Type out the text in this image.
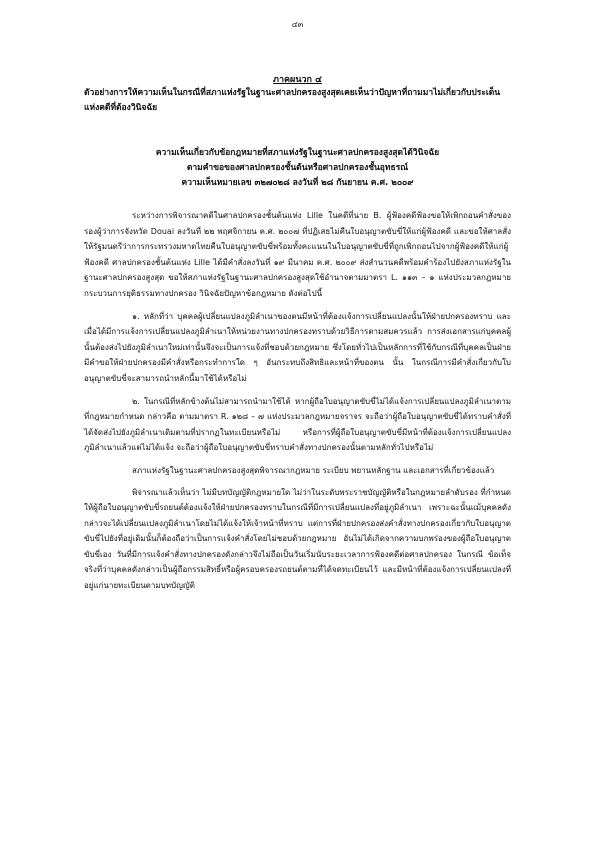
๔๓
ภาคผนวก ๔
ตัวอย่างการให้ความเห็นในกรณีที่สภาแห่งรัฐในฐานะศาลปกครองสูงสุดเคยเห็นว่าปัญหาที่ถามมาไม่เกี่ยวกับประเด็นแห่งคดีที่ต้องวินิจฉัย
ความเห็นเกี่ยวกับข้อกฎหมายที่สภาแห่งรัฐในฐานะศาลปกครองสูงสุดได้วินิจฉัย
ตามคำขอของศาลปกครองชั้นต้นหรือศาลปกครองชั้นอุทธรณ์
ความเห็นหมายเลข ๓๒๗๐๒๘ ลงวันที่ ๒๘ กันยายน ค.ศ. ๒๐๐๙

ระหว่างการพิจารณาคดีในศาลปกครองชั้นต้นแห่ง Lille ในคดีที่นาย B. ผู้ฟ้องคดีฟ้องขอให้เพิกถอนคำสั่งของรองผู้ว่าการจังหวัด Douai ลงวันที่ ๒๒ พฤศจิกายน ค.ศ. ๒๐๐๗ ที่ปฏิเสธไม่คืนใบอนุญาตขับขี่ให้แก่ผู้ฟ้องคดี และขอให้ศาลสั่งให้รัฐมนตรีว่าการกระทรวงมหาดไทยคืนใบอนุญาตขับขี่พร้อมทั้งคะแนนในใบอนุญาตขับขี่ที่ถูกเพิกถอนไปจากผู้ฟ้องคดีให้แก่ผู้ฟ้องคดี ศาลปกครองชั้นต้นแห่ง Lille ได้มีคำสั่งลงวันที่ ๑๙ มีนาคม ค.ศ. ๒๐๐๙ ส่งสำนวนคดีพร้อมคำร้องไปยังสภาแห่งรัฐในฐานะศาลปกครองสูงสุด ขอให้สภาแห่งรัฐในฐานะศาลปกครองสูงสุดใช้อำนาจตามมาตรา L. ๑๑๓ – ๑ แห่งประมวลกฎหมายกระบวนการยุติธรรมทางปกครอง วินิจฉัยปัญหาข้อกฎหมาย ดังต่อไปนี้

๑. หลักที่ว่า บุคคลผู้เปลี่ยนแปลงภูมิลำเนาของตนมีหน้าที่ต้องแจ้งการเปลี่ยนแปลงนั้นให้ฝ่ายปกครองทราบ และเมื่อได้มีการแจ้งการเปลี่ยนแปลงภูมิลำเนาให้หน่วยงานทางปกครองทราบด้วยวิธีการตามสมควรแล้ว การส่งเอกสารแก่บุคคลผู้นั้นต้องส่งไปยังภูมิลำเนาใหม่เท่านั้นจึงจะเป็นการแจ้งที่ชอบด้วยกฎหมาย ซึ่งโดยทั่วไปเป็นหลักการที่ใช้กับกรณีที่บุคคลเป็นฝ่ายมีคำขอให้ฝ่ายปกครองมีคำสั่งหรือกระทำการใด ๆ อันกระทบถึงสิทธิและหน้าที่ของตน นั้น ในกรณีการมีคำสั่งเกี่ยวกับใบอนุญาตขับขี่จะสามารถนำหลักนี้มาใช้ได้หรือไม่

๒. ในกรณีที่หลักข้างต้นไม่สามารถนำมาใช้ได้ หากผู้ถือใบอนุญาตขับขี่ไม่ได้แจ้งการเปลี่ยนแปลงภูมิลำเนาตามที่กฎหมายกำหนด กล่าวคือ ตามมาตรา R. ๑๒๘ – ๗ แห่งประมวลกฎหมายจราจร จะถือว่าผู้ถือใบอนุญาตขับขี่ได้ทราบคำสั่งที่ได้จัดส่งไปยังภูมิลำเนาเดิมตามที่ปรากฏในทะเบียนหรือไม่ หรือการที่ผู้ถือใบอนุญาตขับขี่มีหน้าที่ต้องแจ้งการเปลี่ยนแปลงภูมิลำเนาแล้วแต่ไม่ได้แจ้ง จะถือว่าผู้ถือใบอนุญาตขับขี่ทราบคำสั่งทางปกครองนั้นตามหลักทั่วไปหรือไม่

สภาแห่งรัฐในฐานะศาลปกครองสูงสุดพิจารณากฎหมาย ระเบียบ พยานหลักฐาน และเอกสารที่เกี่ยวข้องแล้ว

พิจารณาแล้วเห็นว่า ไม่มีบทบัญญัติกฎหมายใด ไม่ว่าในระดับพระราชบัญญัติหรือในกฎหมายลำดับรอง ที่กำหนดให้ผู้ถือใบอนุญาตขับขี่รถยนต์ต้องแจ้งให้ฝ่ายปกครองทราบในกรณีที่มีการเปลี่ยนแปลงที่อยู่ภูมิลำเนา เพราะฉะนั้นแม้บุคคลดังกล่าวจะได้เปลี่ยนแปลงภูมิลำเนาโดยไม่ได้แจ้งให้เจ้าหน้าที่ทราบ แต่การที่ฝ่ายปกครองส่งคำสั่งทางปกครองเกี่ยวกับใบอนุญาตขับขี่ไปยังที่อยู่เดิมนั้นก็ต้องถือว่าเป็นการแจ้งคำสั่งโดยไม่ชอบด้วยกฎหมาย อันไม่ได้เกิดจากความบกพร่องของผู้ถือใบอนุญาตขับขี่เอง วันที่มีการแจ้งคำสั่งทางปกครองดังกล่าวจึงไม่ถือเป็นวันเริ่มนับระยะเวลาการฟ้องคดีต่อศาลปกครอง ในกรณี ข้อเท็จจริงที่ว่าบุคคลดังกล่าวเป็นผู้ถือกรรมสิทธิ์หรือผู้ครอบครองรถยนต์ตามที่ได้จดทะเบียนไว้ และมีหน้าที่ต้องแจ้งการเปลี่ยนแปลงที่อยู่แก่นายทะเบียนตามบทบัญญัติ
